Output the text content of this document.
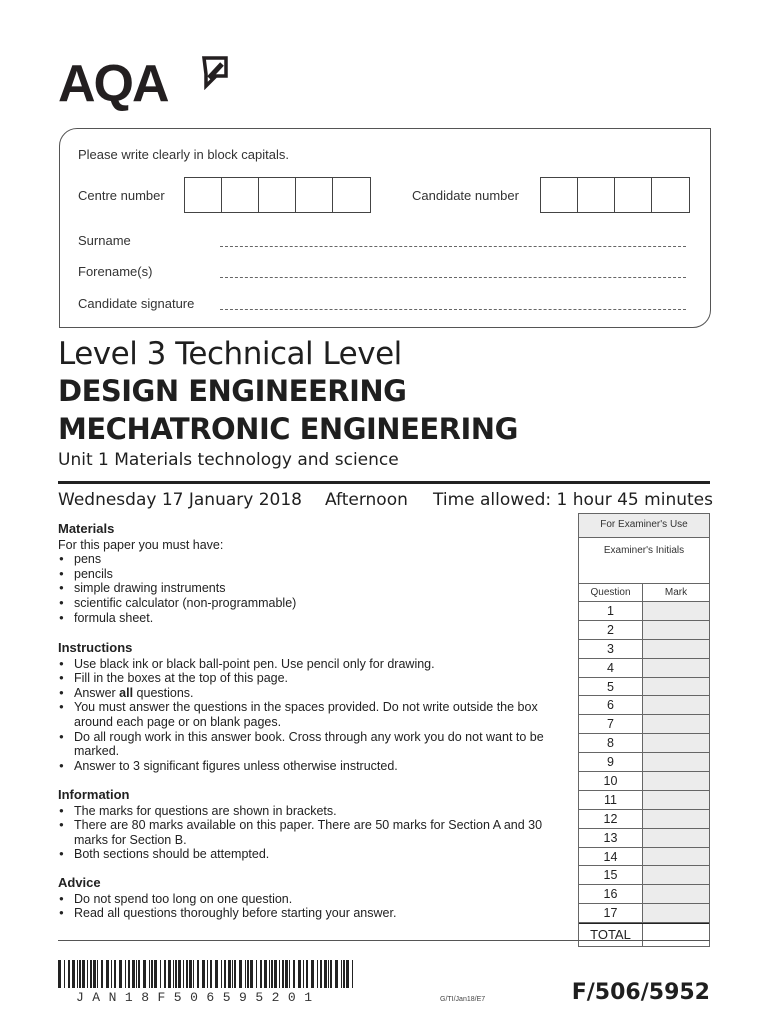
AQA
Please write clearly in block capitals.
Centre number	Candidate number
Surname
Forename(s)
Candidate signature
Level 3 Technical Level
DESIGN ENGINEERING
MECHATRONIC ENGINEERING
Unit 1 Materials technology and science
Wednesday 17 January 2018 Afternoon Time allowed: 1 hour 45 minutes
Materials
For this paper you must have:
● pens
● pencils
● simple drawing instruments
● scientific calculator (non-programmable)
● formula sheet.
Instructions
● Use black ink or black ball-point pen. Use pencil only for drawing.
● Fill in the boxes at the top of this page.
● Answer all questions.
● You must answer the questions in the spaces provided. Do not write outside the box around each page or on blank pages.
● Do all rough work in this answer book. Cross through any work you do not want to be marked.
● Answer to 3 significant figures unless otherwise instructed.
Information
● The marks for questions are shown in brackets.
● There are 80 marks available on this paper. There are 50 marks for Section A and 30 marks for Section B.
● Both sections should be attempted.
Advice
● Do not spend too long on one question.
● Read all questions thoroughly before starting your answer.
For Examiner's Use
Examiner's Initials
Question	Mark
1
2
3
4
5
6
7
8
9
10
11
12
13
14
15
16
17
TOTAL
JAN18F506595201	G/TI/Jan18/E7	F/506/5952
